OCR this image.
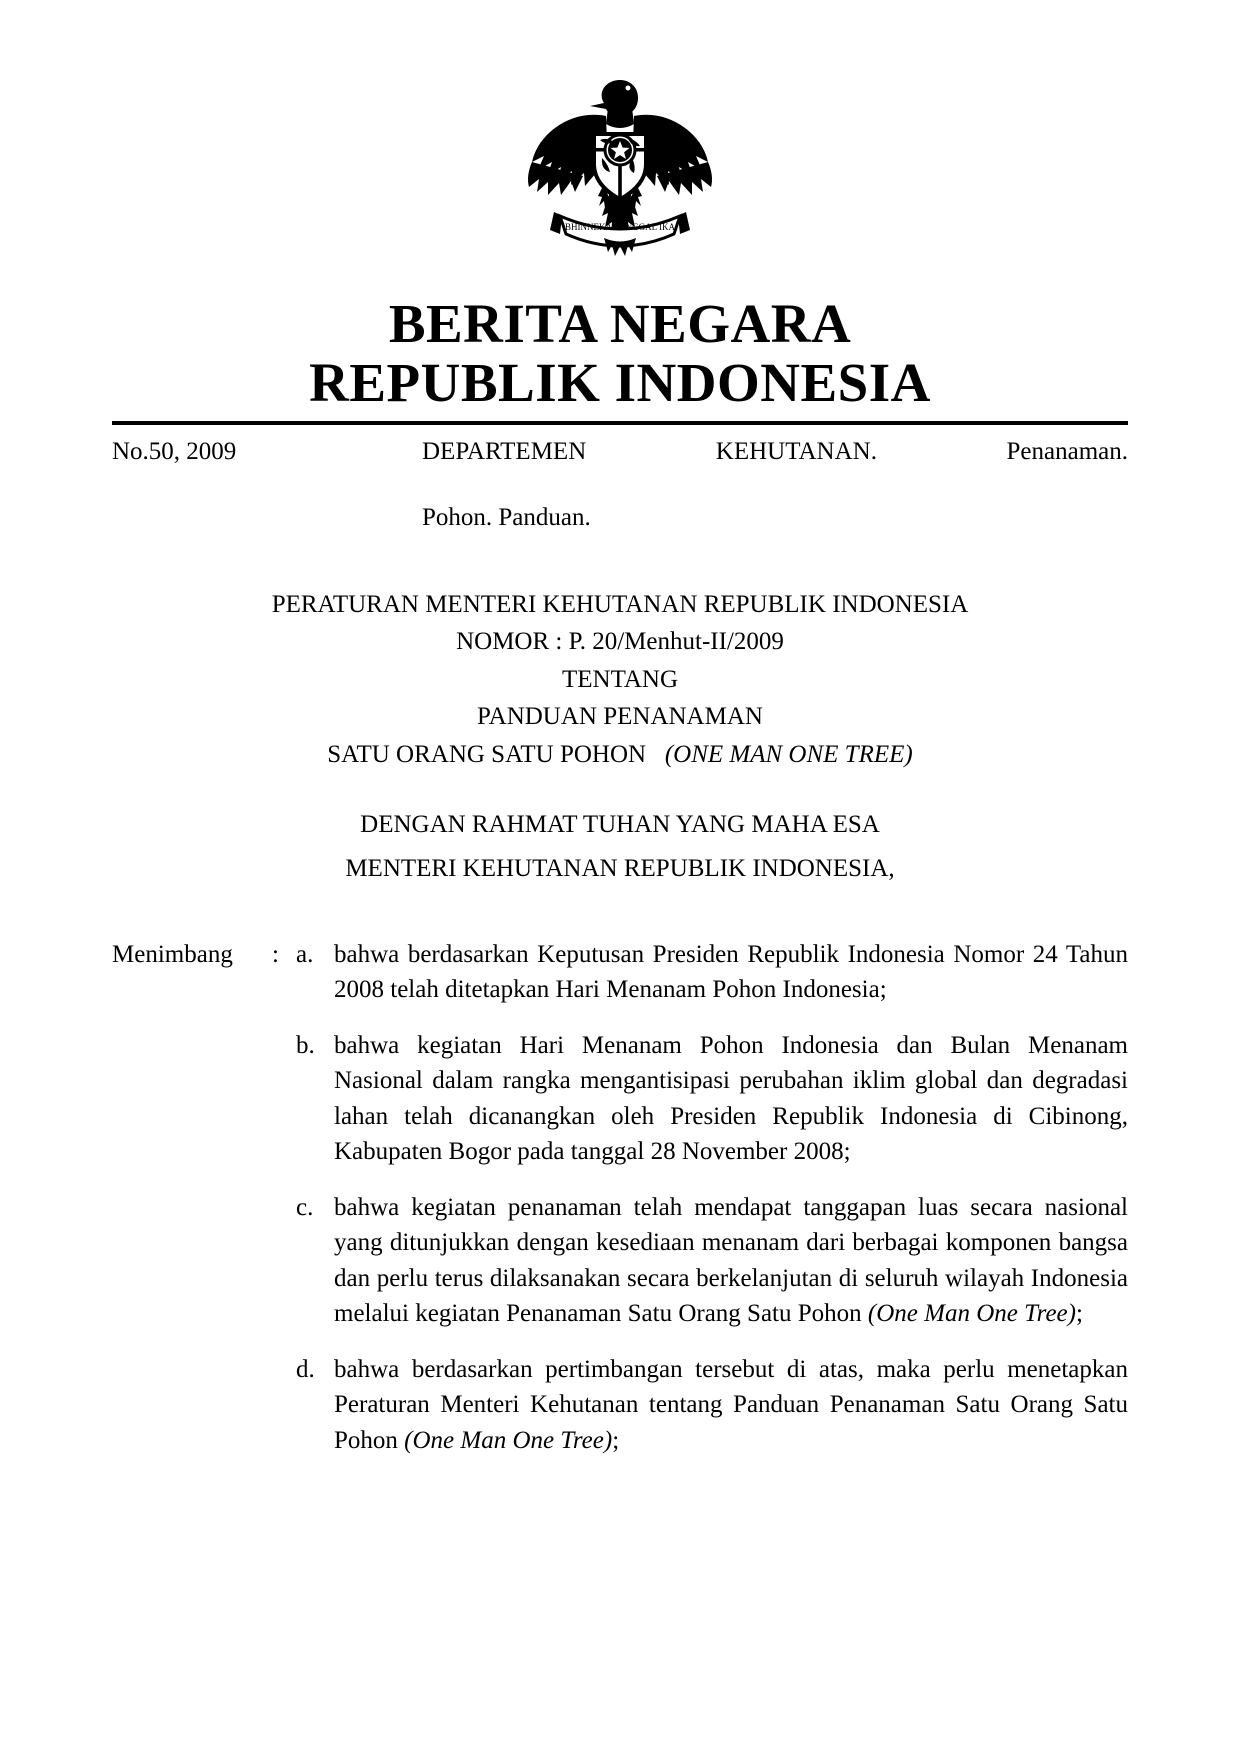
BHINNEKA TUNGGAL IKA
BERITA NEGARA
REPUBLIK INDONESIA
No.50, 2009	DEPARTEMEN KEHUTANAN. Penanaman.
Pohon. Panduan.
PERATURAN MENTERI KEHUTANAN REPUBLIK INDONESIA
NOMOR : P. 20/Menhut-II/2009
TENTANG
PANDUAN PENANAMAN
SATU ORANG SATU POHON (ONE MAN ONE TREE)
DENGAN RAHMAT TUHAN YANG MAHA ESA
MENTERI KEHUTANAN REPUBLIK INDONESIA,
Menimbang	: a. bahwa berdasarkan Keputusan Presiden Republik Indonesia Nomor 24 Tahun 2008 telah ditetapkan Hari Menanam Pohon Indonesia;
b. bahwa kegiatan Hari Menanam Pohon Indonesia dan Bulan Menanam Nasional dalam rangka mengantisipasi perubahan iklim global dan degradasi lahan telah dicanangkan oleh Presiden Republik Indonesia di Cibinong, Kabupaten Bogor pada tanggal 28 November 2008;
c. bahwa kegiatan penanaman telah mendapat tanggapan luas secara nasional yang ditunjukkan dengan kesediaan menanam dari berbagai komponen bangsa dan perlu terus dilaksanakan secara berkelanjutan di seluruh wilayah Indonesia melalui kegiatan Penanaman Satu Orang Satu Pohon (One Man One Tree);
d. bahwa berdasarkan pertimbangan tersebut di atas, maka perlu menetapkan Peraturan Menteri Kehutanan tentang Panduan Penanaman Satu Orang Satu Pohon (One Man One Tree);
